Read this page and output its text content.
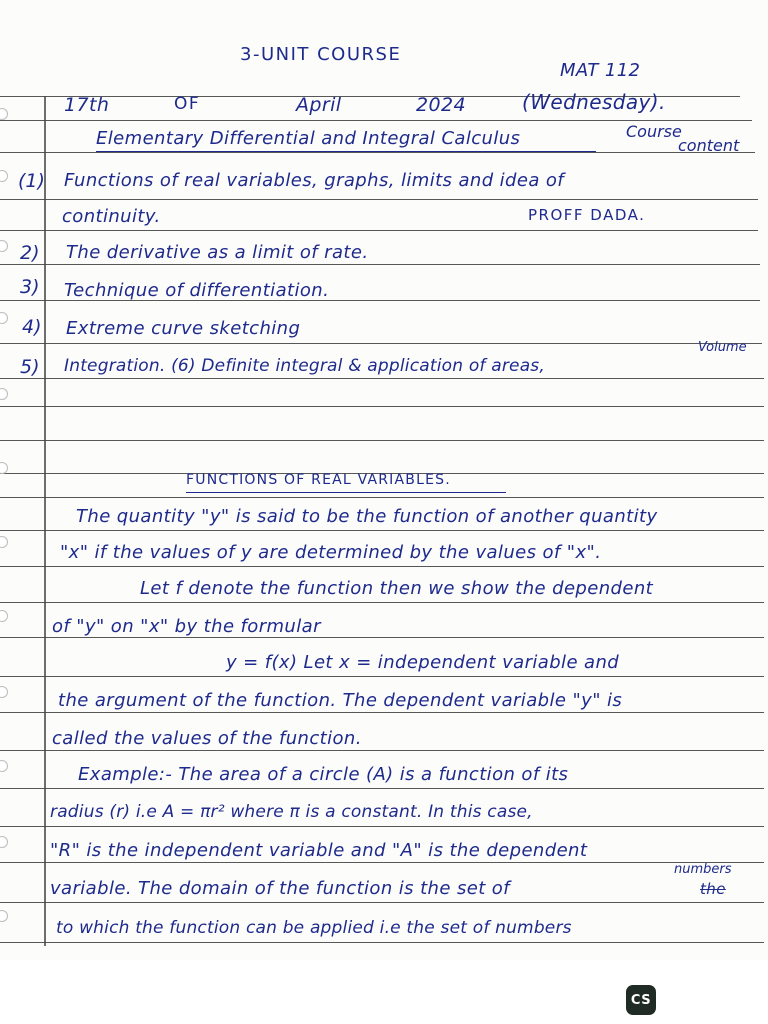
3-UNIT COURSE
MAT 112
17th	OF	April	2024	(Wednesday).
Elementary Differential and Integral Calculus	Course
content
(1) Functions of real variables, graphs, limits and idea of
continuity.	PROFF DADA.
2) The derivative as a limit of rate.
3) Technique of differentiation.
4) Extreme curve sketching
Volume
5) Integration. (6) Definite integral & application of areas,
FUNCTIONS OF REAL VARIABLES.
The quantity "y" is said to be the function of another quantity
"x" if the values of y are determined by the values of "x".
Let f denote the function then we show the dependent
of "y" on "x" by the formular
y = f(x) Let x = independent variable and
the argument of the function. The dependent variable "y" is
called the values of the function.
Example:- The area of a circle (A) is a function of its
radius (r) i.e A = πr² where π is a constant. In this case,
"R" is the independent variable and "A" is the dependent
numbers
variable. The domain of the function is the set of	the
to which the function can be applied i.e the set of numbers
CS
